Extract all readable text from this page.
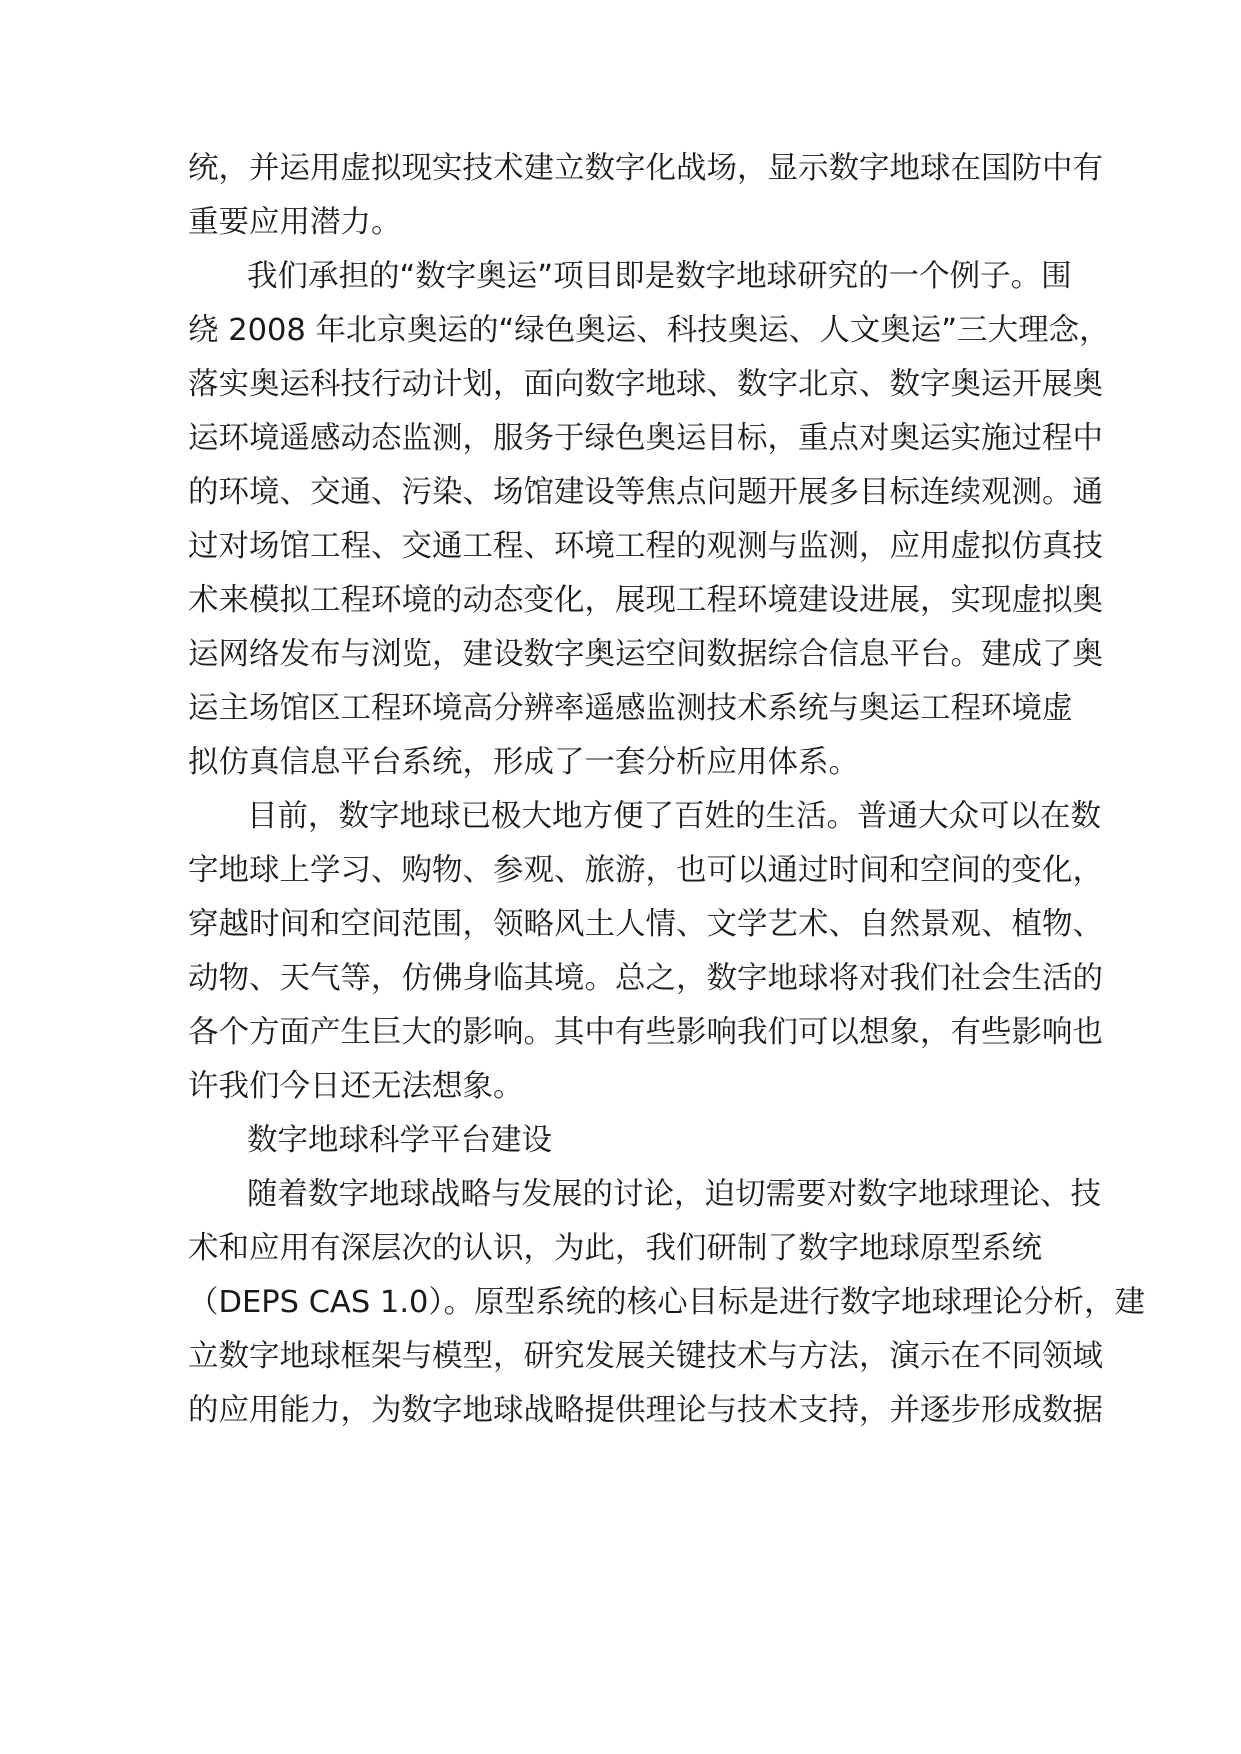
统，并运用虚拟现实技术建立数字化战场，显示数字地球在国防中有
重要应用潜力。
我们承担的“数字奥运”项目即是数字地球研究的一个例子。围
绕 2008 年北京奥运的“绿色奥运、科技奥运、人文奥运”三大理念，
落实奥运科技行动计划，面向数字地球、数字北京、数字奥运开展奥
运环境遥感动态监测，服务于绿色奥运目标，重点对奥运实施过程中
的环境、交通、污染、场馆建设等焦点问题开展多目标连续观测。通
过对场馆工程、交通工程、环境工程的观测与监测，应用虚拟仿真技
术来模拟工程环境的动态变化，展现工程环境建设进展，实现虚拟奥
运网络发布与浏览，建设数字奥运空间数据综合信息平台。建成了奥
运主场馆区工程环境高分辨率遥感监测技术系统与奥运工程环境虚
拟仿真信息平台系统，形成了一套分析应用体系。
目前，数字地球已极大地方便了百姓的生活。普通大众可以在数
字地球上学习、购物、参观、旅游，也可以通过时间和空间的变化，
穿越时间和空间范围，领略风土人情、文学艺术、自然景观、植物、
动物、天气等，仿佛身临其境。总之，数字地球将对我们社会生活的
各个方面产生巨大的影响。其中有些影响我们可以想象，有些影响也
许我们今日还无法想象。
数字地球科学平台建设
随着数字地球战略与发展的讨论，迫切需要对数字地球理论、技
术和应用有深层次的认识，为此，我们研制了数字地球原型系统
（DEPS CAS 1.0）。原型系统的核心目标是进行数字地球理论分析，建
立数字地球框架与模型，研究发展关键技术与方法，演示在不同领域
的应用能力，为数字地球战略提供理论与技术支持，并逐步形成数据
